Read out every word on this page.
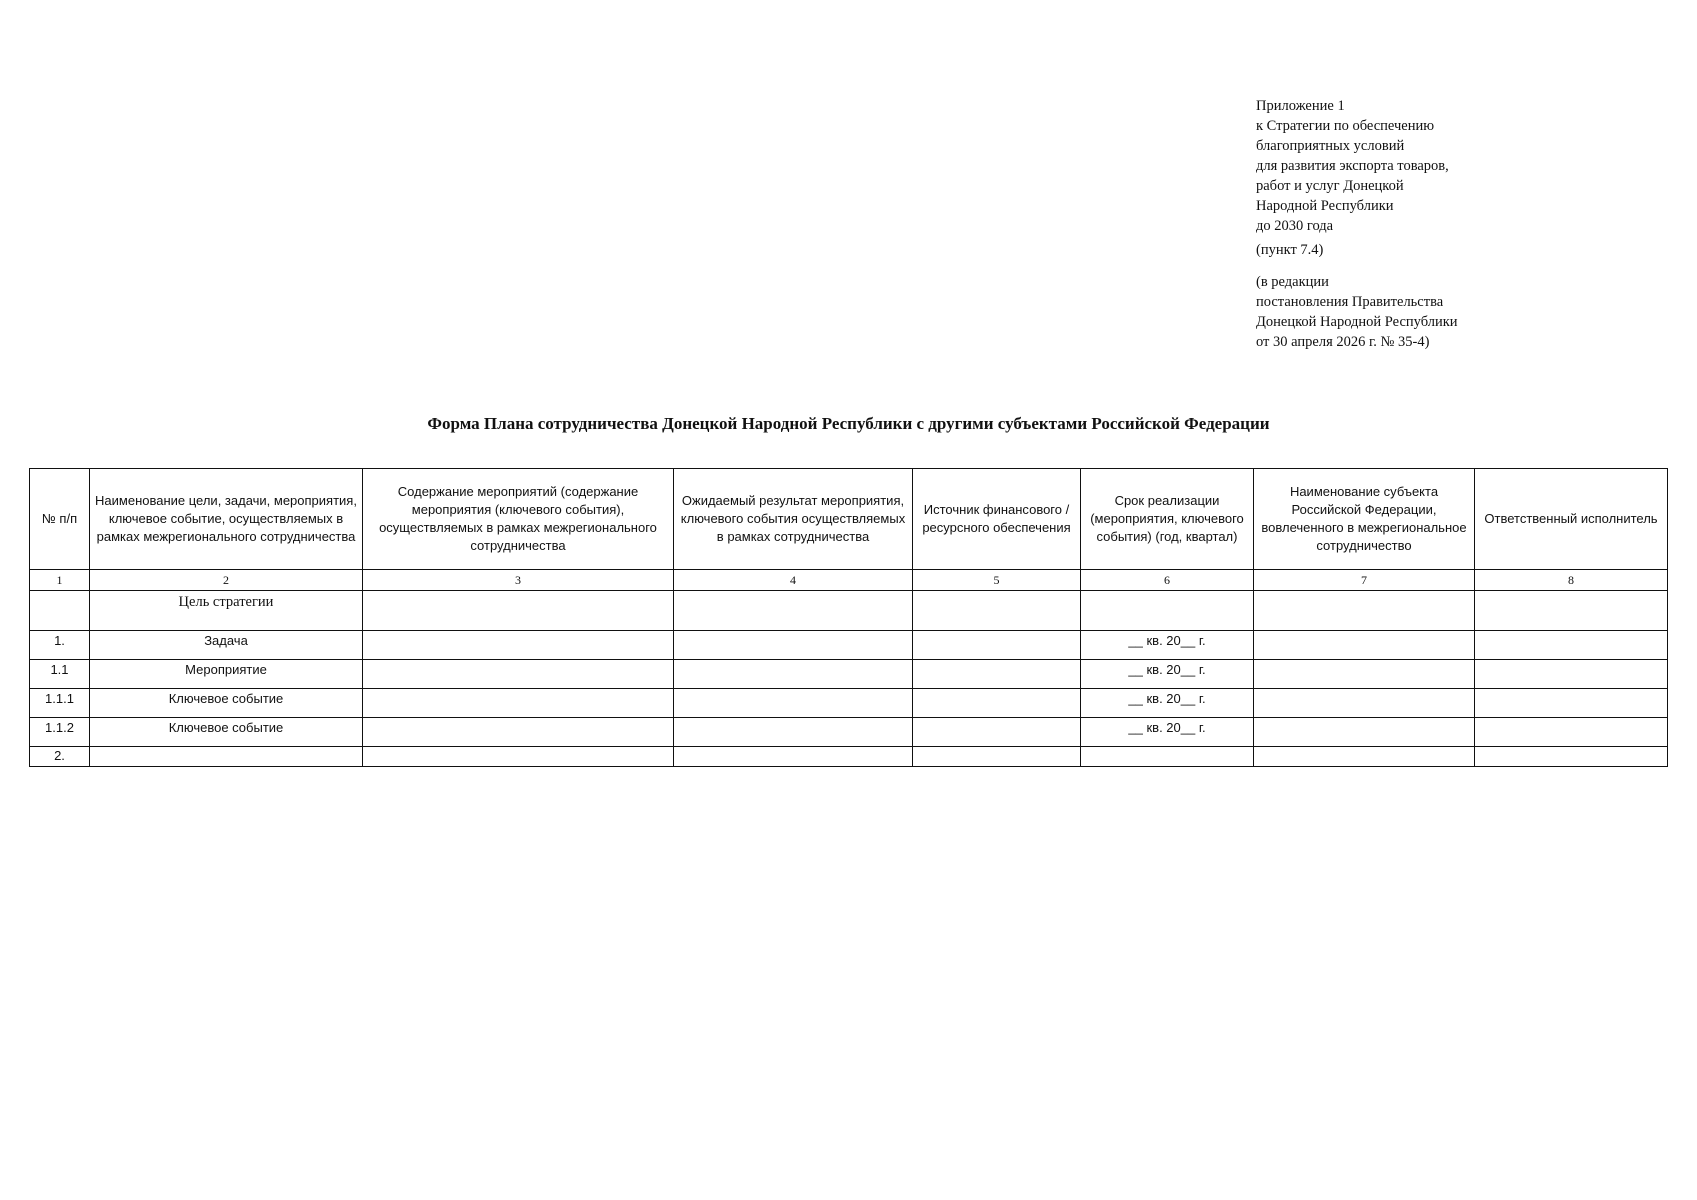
Приложение 1
к Стратегии по обеспечению
благоприятных условий
для развития экспорта товаров,
работ и услуг Донецкой
Народной Республики
до 2030 года
(пункт 7.4)
(в редакции
постановления Правительства
Донецкой Народной Республики
от 30 апреля 2026 г. № 35-4)
Форма Плана сотрудничества Донецкой Народной Республики с другими субъектами Российской Федерации
№ п/п	Наименование цели, задачи, мероприятия, ключевое событие, осуществляемых в рамках межрегионального сотрудничества	Содержание мероприятий (содержание мероприятия (ключевого события), осуществляемых в рамках межрегионального сотрудничества	Ожидаемый результат мероприятия, ключевого события осуществляемых в рамках сотрудничества	Источник финансового / ресурсного обеспечения	Срок реализации (мероприятия, ключевого события) (год, квартал)	Наименование субъекта Российской Федерации, вовлеченного в межрегиональное сотрудничество	Ответственный исполнитель
1	2	3	4	5	6	7	8
	Цель стратегии						
1.	Задача				__ кв. 20__ г.		
1.1	Мероприятие				__ кв. 20__ г.		
1.1.1	Ключевое событие				__ кв. 20__ г.		
1.1.2	Ключевое событие				__ кв. 20__ г.		
2.							
